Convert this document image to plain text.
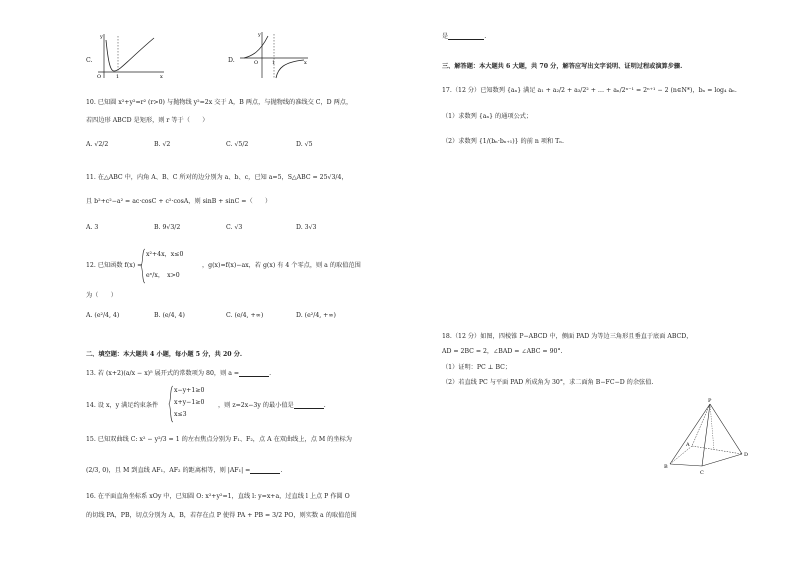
C.
y
x
O	1
D.
y
x
O	1
10. 已知圆 x²+y²=r² (r>0) 与抛物线 y²=2x 交于 A，B 两点，与抛物线的准线交 C，D 两点，
若四边形 ABCD 是矩形，则 r 等于（　　）
A. √2/2	B. √2	C. √5/2	D. √5
11. 在△ABC 中，内角 A、B、C 所对的边分别为 a、b、c，已知 a=5，S△ABC = 25√3/4，
且 b²+c²−a² = ac·cosC + c²·cosA，则 sinB + sinC =（　　）
A. 3	B. 9√3/2	C. √3	D. 3√3
12. 已知函数 f(x) =
x²+4x，x≤0
eˣ/x，　x>0
，g(x)=f(x)−ax，若 g(x) 有 4 个零点，则 a 的取值范围
为（　　）
A. (e²/4, 4)	B. (e/4, 4)	C. (e/4, +∞)	D. (e²/4, +∞)
二、填空题：本大题共 4 小题，每小题 5 分，共 20 分.
13. 若 (x+2)(a/x − x)⁵ 展开式的常数项为 80，则 a =	.
14. 设 x，y 满足约束条件
x−y+1≥0
x+y−1≥0
x≤3
，则 z=2x−3y 的最小值是	.
15. 已知双曲线 C: x² − y²/3 = 1 的左右焦点分别为 F₁、F₂，点 A 在双曲线上，点 M 的坐标为
(2/3, 0)，且 M 到直线 AF₁，AF₂ 的距离相等，则 |AF₁| =	.
16. 在平面直角坐标系 xOy 中，已知圆 O: x²+y²=1，直线 l: y=x+a，过直线 l 上点 P 作圆 O
的切线 PA，PB，切点分别为 A，B，若存在点 P 使得 PA + PB = 3/2 PO，则实数 a 的取值范围
是	.
三、解答题：本大题共 6 大题，共 70 分，解答应写出文字说明、证明过程或演算步骤.
17.（12 分）已知数列 {aₙ} 满足 a₁ + a₂/2 + a₃/2² + … + aₙ/2ⁿ⁻¹ = 2ⁿ⁺¹ − 2 (n∈N*)，bₙ = log₄ aₙ.
（1）求数列 {aₙ} 的通项公式；
（2）求数列 {1/(bₙ·bₙ₊₁)} 的前 n 项和 Tₙ.
18.（12 分）如图，四棱锥 P−ABCD 中，侧面 PAD 为等边三角形且垂直于底面 ABCD，
AD = 2BC = 2，∠BAD = ∠ABC = 90°.
（1）证明：PC ⊥ BC；
（2）若直线 PC 与平面 PAD 所成角为 30°，求二面角 B−FC−D 的余弦值.
P
A
B
C
D
